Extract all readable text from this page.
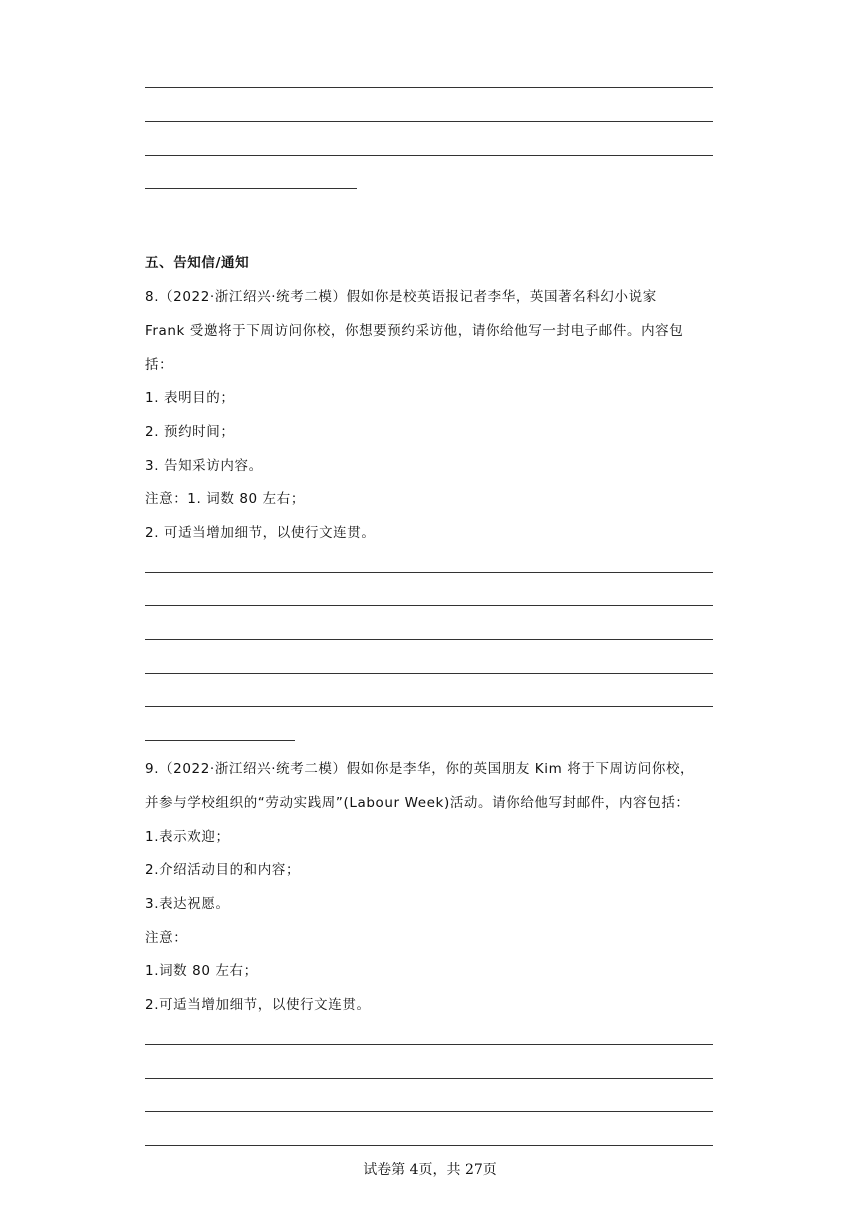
五、告知信/通知
8.（2022·浙江绍兴·统考二模）假如你是校英语报记者李华，英国著名科幻小说家
Frank 受邀将于下周访问你校，你想要预约采访他，请你给他写一封电子邮件。内容包
括：
1. 表明目的；
2. 预约时间；
3. 告知采访内容。
注意：1. 词数 80 左右；
2. 可适当增加细节，以使行文连贯。
9.（2022·浙江绍兴·统考二模）假如你是李华，你的英国朋友 Kim 将于下周访问你校，
并参与学校组织的“劳动实践周”(Labour Week)活动。请你给他写封邮件，内容包括：
1.表示欢迎；
2.介绍活动目的和内容；
3.表达祝愿。
注意：
1.词数 80 左右；
2.可适当增加细节，以使行文连贯。
试卷第 4页，共 27页
